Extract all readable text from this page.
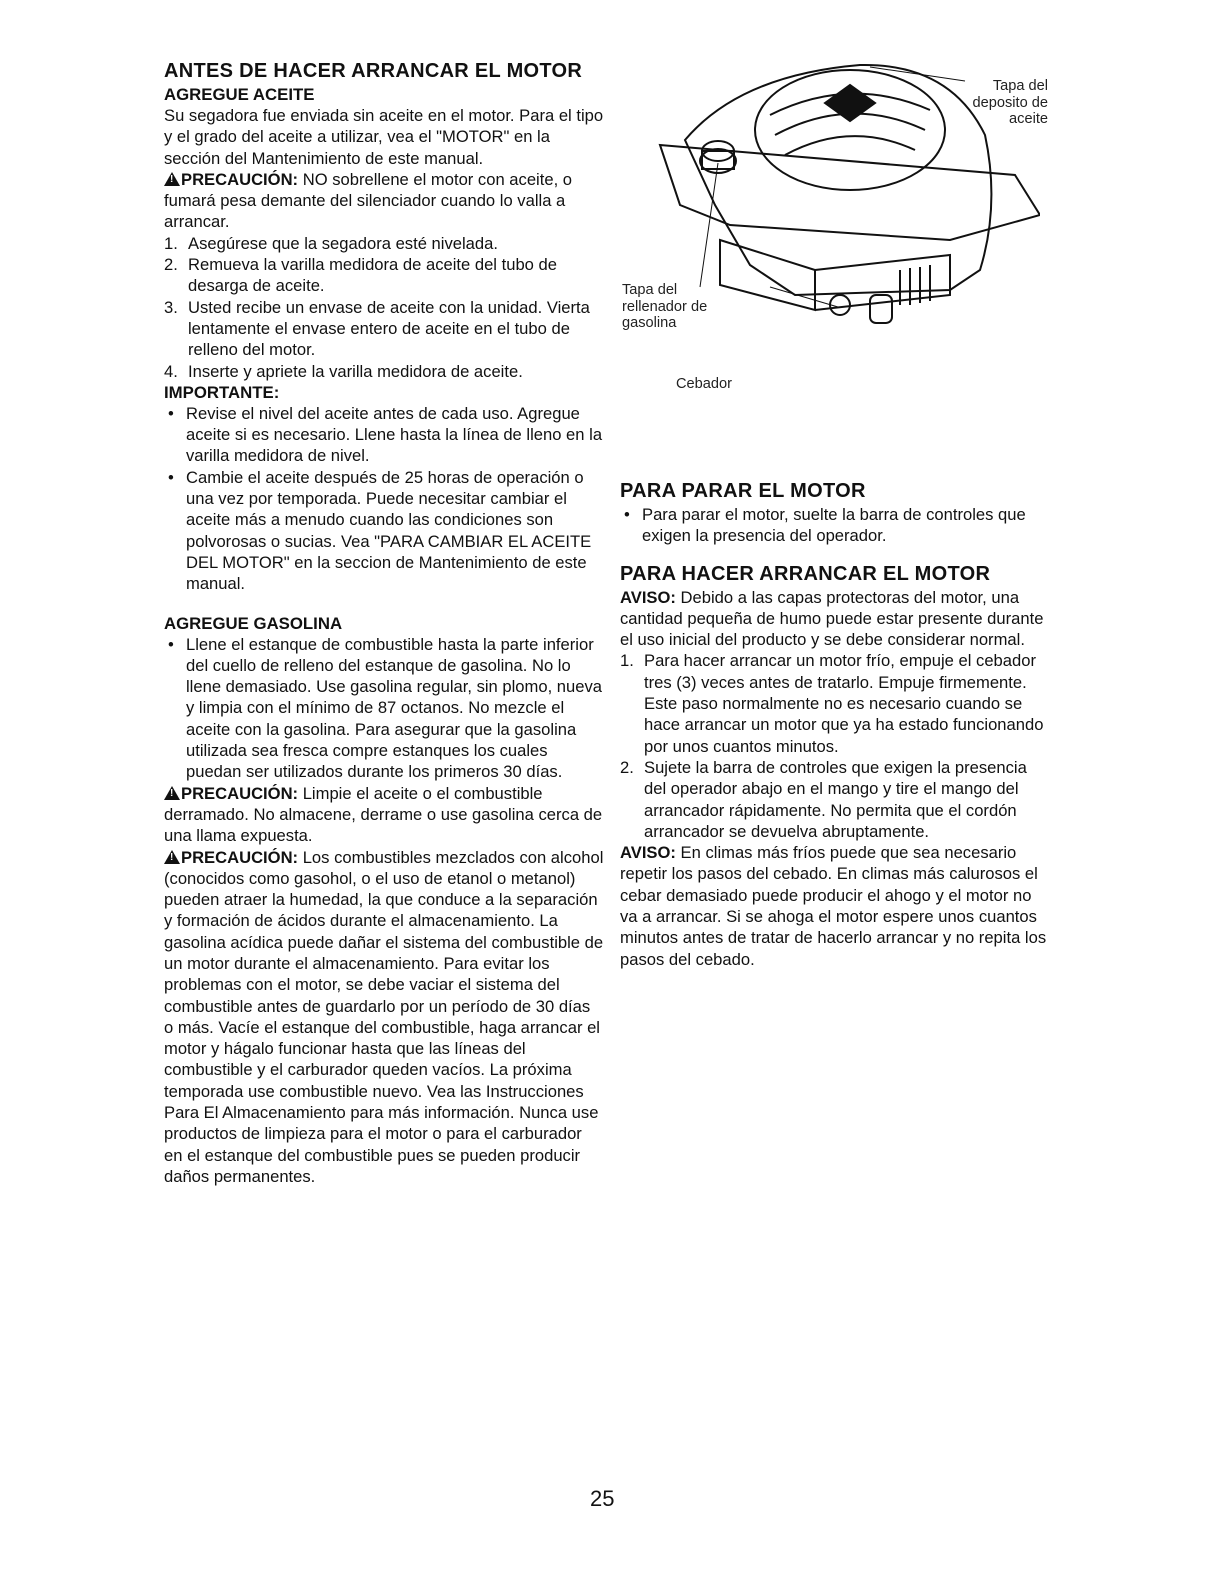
ANTES DE HACER ARRANCAR EL MOTOR
AGREGUE ACEITE

Su segadora fue enviada sin aceite en el motor. Para el tipo y el grado del aceite a utilizar, vea el "MOTOR" en la sección del Mantenimiento de este manual.

!PRECAUCIÓN: NO sobrellene el motor con aceite, o fumará pesa demante del silenciador cuando lo valla a arrancar.

1. Asegúrese que la segadora esté nivelada.
2. Remueva la varilla medidora de aceite del tubo de desarga de aceite.
3. Usted recibe un envase de aceite con la unidad. Vierta lentamente el envase entero de aceite en el tubo de relleno del motor.
4. Inserte y apriete la varilla medidora de aceite.
IMPORTANTE:
• Revise el nivel del aceite antes de cada uso. Agregue aceite si es necesario. Llene hasta la línea de lleno en la varilla medidora de nivel.
• Cambie el aceite después de 25 horas de operación o una vez por temporada. Puede necesitar cambiar el aceite más a menudo cuando las condiciones son polvorosas o sucias. Vea "PARA CAMBIAR EL ACEITE DEL MOTOR" en la seccion de Mantenimiento de este manual.
AGREGUE GASOLINA
• Llene el estanque de combustible hasta la parte inferior del cuello de relleno del estanque de gasolina. No lo llene demasiado. Use gasolina regular, sin plomo, nueva y limpia con el mínimo de 87 octanos. No mezcle el aceite con la gasolina. Para asegurar que la gasolina utilizada sea fresca compre estanques los cuales puedan ser utilizados durante los primeros 30 días.

!PRECAUCIÓN: Limpie el aceite o el combustible derramado. No almacene, derrame o use gasolina cerca de una llama expuesta.

!PRECAUCIÓN: Los combustibles mezclados con alcohol (conocidos como gasohol, o el uso de etanol o metanol) pueden atraer la humedad, la que conduce a la separación y formación de ácidos durante el almacenamiento. La gasolina acídica puede dañar el sistema del combustible de un motor durante el almacenamiento. Para evitar los problemas con el motor, se debe vaciar el sistema del combustible antes de guardarlo por un período de 30 días o más. Vacíe el estanque del combustible, haga arrancar el motor y hágalo funcionar hasta que las líneas del combustible y el carburador queden vacíos. La próxima temporada use combustible nuevo. Vea las Instrucciones Para El Almacenamiento para más información. Nunca use productos de limpieza para el motor o para el carburador en el estanque del combustible pues se pueden producir daños permanentes.

Tapa del deposito de aceite
Tapa del rellenador de gasolina
Cebador
PARA PARAR EL MOTOR
• Para parar el motor, suelte la barra de controles que exigen la presencia del operador.
PARA HACER ARRANCAR EL MOTOR

AVISO: Debido a las capas protectoras del motor, una cantidad pequeña de humo puede estar presente durante el uso inicial del producto y se debe considerar normal.

1. Para hacer arrancar un motor frío, empuje el cebador tres (3) veces antes de tratarlo. Empuje firmemente. Este paso normalmente no es necesario cuando se hace arrancar un motor que ya ha estado funcionando por unos cuantos minutos.
2. Sujete la barra de controles que exigen la presencia del operador abajo en el mango y tire el mango del arrancador rápidamente. No permita que el cordón arrancador se devuelva abruptamente.

AVISO: En climas más fríos puede que sea necesario repetir los pasos del cebado. En climas más calurosos el cebar demasiado puede producir el ahogo y el motor no va a arrancar. Si se ahoga el motor espere unos cuantos minutos antes de tratar de hacerlo arrancar y no repita los pasos del cebado.

25
